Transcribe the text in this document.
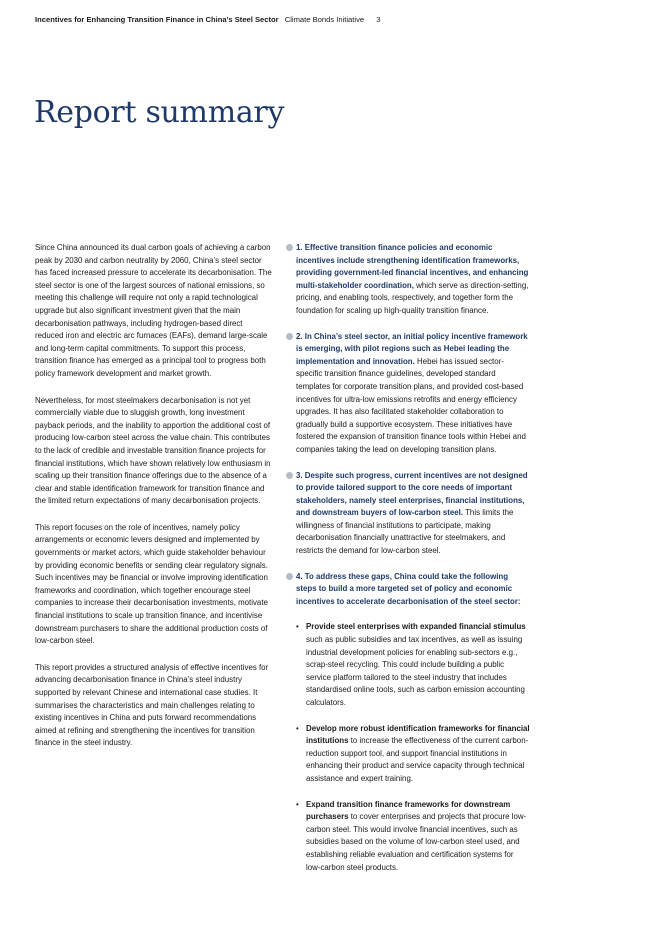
Incentives for Enhancing Transition Finance in China’s Steel Sector Climate Bonds Initiative 3
Report summary

Since China announced its dual carbon goals of achieving a carbon peak by 2030 and carbon neutrality by 2060, China’s steel sector has faced increased pressure to accelerate its decarbonisation. The steel sector is one of the largest sources of national emissions, so meeting this challenge will require not only a rapid technological upgrade but also significant investment given that the main decarbonisation pathways, including hydrogen-based direct reduced iron and electric arc furnaces (EAFs), demand large-scale and long-term capital commitments. To support this process, transition finance has emerged as a principal tool to progress both policy framework development and market growth.

Nevertheless, for most steelmakers decarbonisation is not yet commercially viable due to sluggish growth, long investment payback periods, and the inability to apportion the additional cost of producing low-carbon steel across the value chain. This contributes to the lack of credible and investable transition finance projects for financial institutions, which have shown relatively low enthusiasm in scaling up their transition finance offerings due to the absence of a clear and stable identification framework for transition finance and the limited return expectations of many decarbonisation projects.

This report focuses on the role of incentives, namely policy arrangements or economic levers designed and implemented by governments or market actors, which guide stakeholder behaviour by providing economic benefits or sending clear regulatory signals. Such incentives may be financial or involve improving identification frameworks and coordination, which together encourage steel companies to increase their decarbonisation investments, motivate financial institutions to scale up transition finance, and incentivise downstream purchasers to share the additional production costs of low-carbon steel.

This report provides a structured analysis of effective incentives for advancing decarbonisation finance in China’s steel industry supported by relevant Chinese and international case studies. It summarises the characteristics and main challenges relating to existing incentives in China and puts forward recommendations aimed at refining and strengthening the incentives for transition finance in the steel industry.

1. Effective transition finance policies and economic incentives include strengthening identification frameworks, providing government-led financial incentives, and enhancing multi-stakeholder coordination, which serve as direction-setting, pricing, and enabling tools, respectively, and together form the foundation for scaling up high-quality transition finance.
2. In China’s steel sector, an initial policy incentive framework is emerging, with pilot regions such as Hebei leading the implementation and innovation. Hebei has issued sector-specific transition finance guidelines, developed standard templates for corporate transition plans, and provided cost-based incentives for ultra-low emissions retrofits and energy efficiency upgrades. It has also facilitated stakeholder collaboration to gradually build a supportive ecosystem. These initiatives have fostered the expansion of transition finance tools within Hebei and companies taking the lead on developing transition plans.
3. Despite such progress, current incentives are not designed to provide tailored support to the core needs of important stakeholders, namely steel enterprises, financial institutions, and downstream buyers of low-carbon steel. This limits the willingness of financial institutions to participate, making decarbonisation financially unattractive for steelmakers, and restricts the demand for low-carbon steel.
4. To address these gaps, China could take the following steps to build a more targeted set of policy and economic incentives to accelerate decarbonisation of the steel sector:
• Provide steel enterprises with expanded financial stimulus such as public subsidies and tax incentives, as well as issuing industrial development policies for enabling sub-sectors e.g., scrap-steel recycling. This could include building a public service platform tailored to the steel industry that includes standardised online tools, such as carbon emission accounting calculators.
• Develop more robust identification frameworks for financial institutions to increase the effectiveness of the current carbon-reduction support tool, and support financial institutions in enhancing their product and service capacity through technical assistance and expert training.
• Expand transition finance frameworks for downstream purchasers to cover enterprises and projects that procure low-carbon steel. This would involve financial incentives, such as subsidies based on the volume of low-carbon steel used, and establishing reliable evaluation and certification systems for low-carbon steel products.
